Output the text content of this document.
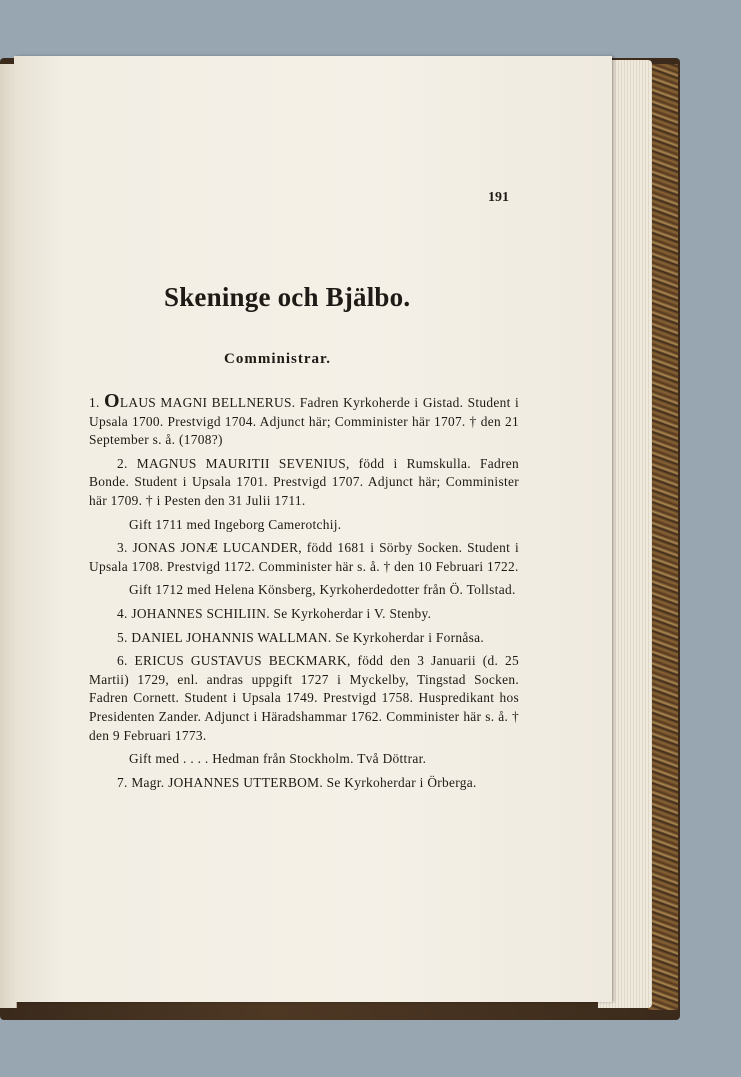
191
Skeninge och Bjälbo.
Comministrar.

1. OLAUS MAGNI BELLNERUS. Fadren Kyrkoherde i Gistad. Student i Upsala 1700. Prestvigd 1704. Adjunct här; Comminister här 1707. † den 21 September s. å. (1708?)

2. MAGNUS MAURITII SEVENIUS, född i Rumskulla. Fadren Bonde. Student i Upsala 1701. Prestvigd 1707. Adjunct här; Comminister här 1709. † i Pesten den 31 Julii 1711.

Gift 1711 med Ingeborg Camerotchij.

3. JONAS JONÆ LUCANDER, född 1681 i Sörby Socken. Student i Upsala 1708. Prestvigd 1172. Comminister här s. å. † den 10 Februari 1722.

Gift 1712 med Helena Könsberg, Kyrkoherdedotter från Ö. Tollstad.

4. JOHANNES SCHILIIN. Se Kyrkoherdar i V. Stenby.

5. DANIEL JOHANNIS WALLMAN. Se Kyrkoherdar i Fornåsa.

6. ERICUS GUSTAVUS BECKMARK, född den 3 Januarii (d. 25 Martii) 1729, enl. andras uppgift 1727 i Myckelby, Tingstad Socken. Fadren Cornett. Student i Upsala 1749. Prestvigd 1758. Huspredikant hos Presidenten Zander. Adjunct i Häradshammar 1762. Comminister här s. å. † den 9 Februari 1773.

Gift med . . . . Hedman från Stockholm. Två Döttrar.

7. Magr. JOHANNES UTTERBOM. Se Kyrkoherdar i Örberga.
